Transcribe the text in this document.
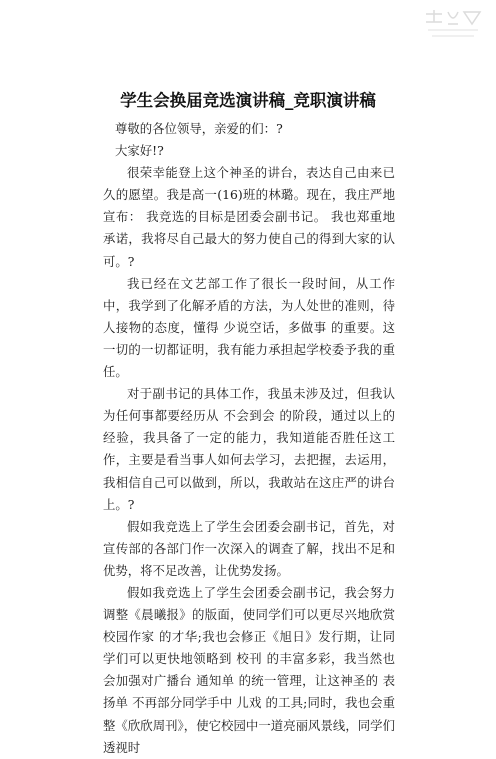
学生会换届竞选演讲稿_竞职演讲稿

尊敬的各位领导，亲爱的们：?

大家好!?

很荣幸能登上这个神圣的讲台，表达自己由来已久的愿望。我是高一(16)班的林璐。现在，我庄严地宣布： 我竞选的目标是团委会副书记。 我也郑重地承诺，我将尽自己最大的努力使自己的得到大家的认可。?

我已经在文艺部工作了很长一段时间，从工作中，我学到了化解矛盾的方法，为人处世的准则，待人接物的态度，懂得 少说空话，多做事 的重要。这一切的一切都证明，我有能力承担起学校委予我的重任。

对于副书记的具体工作，我虽未涉及过，但我认为任何事都要经历从 不会到会 的阶段，通过以上的经验，我具备了一定的能力，我知道能否胜任这工作，主要是看当事人如何去学习，去把握，去运用，我相信自己可以做到，所以，我敢站在这庄严的讲台上。?

假如我竞选上了学生会团委会副书记，首先，对宣传部的各部门作一次深入的调查了解，找出不足和优势，将不足改善，让优势发扬。

假如我竞选上了学生会团委会副书记，我会努力调整《晨曦报》的版面，使同学们可以更尽兴地欣赏 校园作家 的才华;我也会修正《旭日》发行期，让同学们可以更快地领略到 校刊 的丰富多彩，我当然也会加强对广播台 通知单 的统一管理，让这神圣的 表扬单 不再部分同学手中 儿戏 的工具;同时，我也会重整《欣欣周刊》，使它校园中一道亮丽风景线，同学们透视时
